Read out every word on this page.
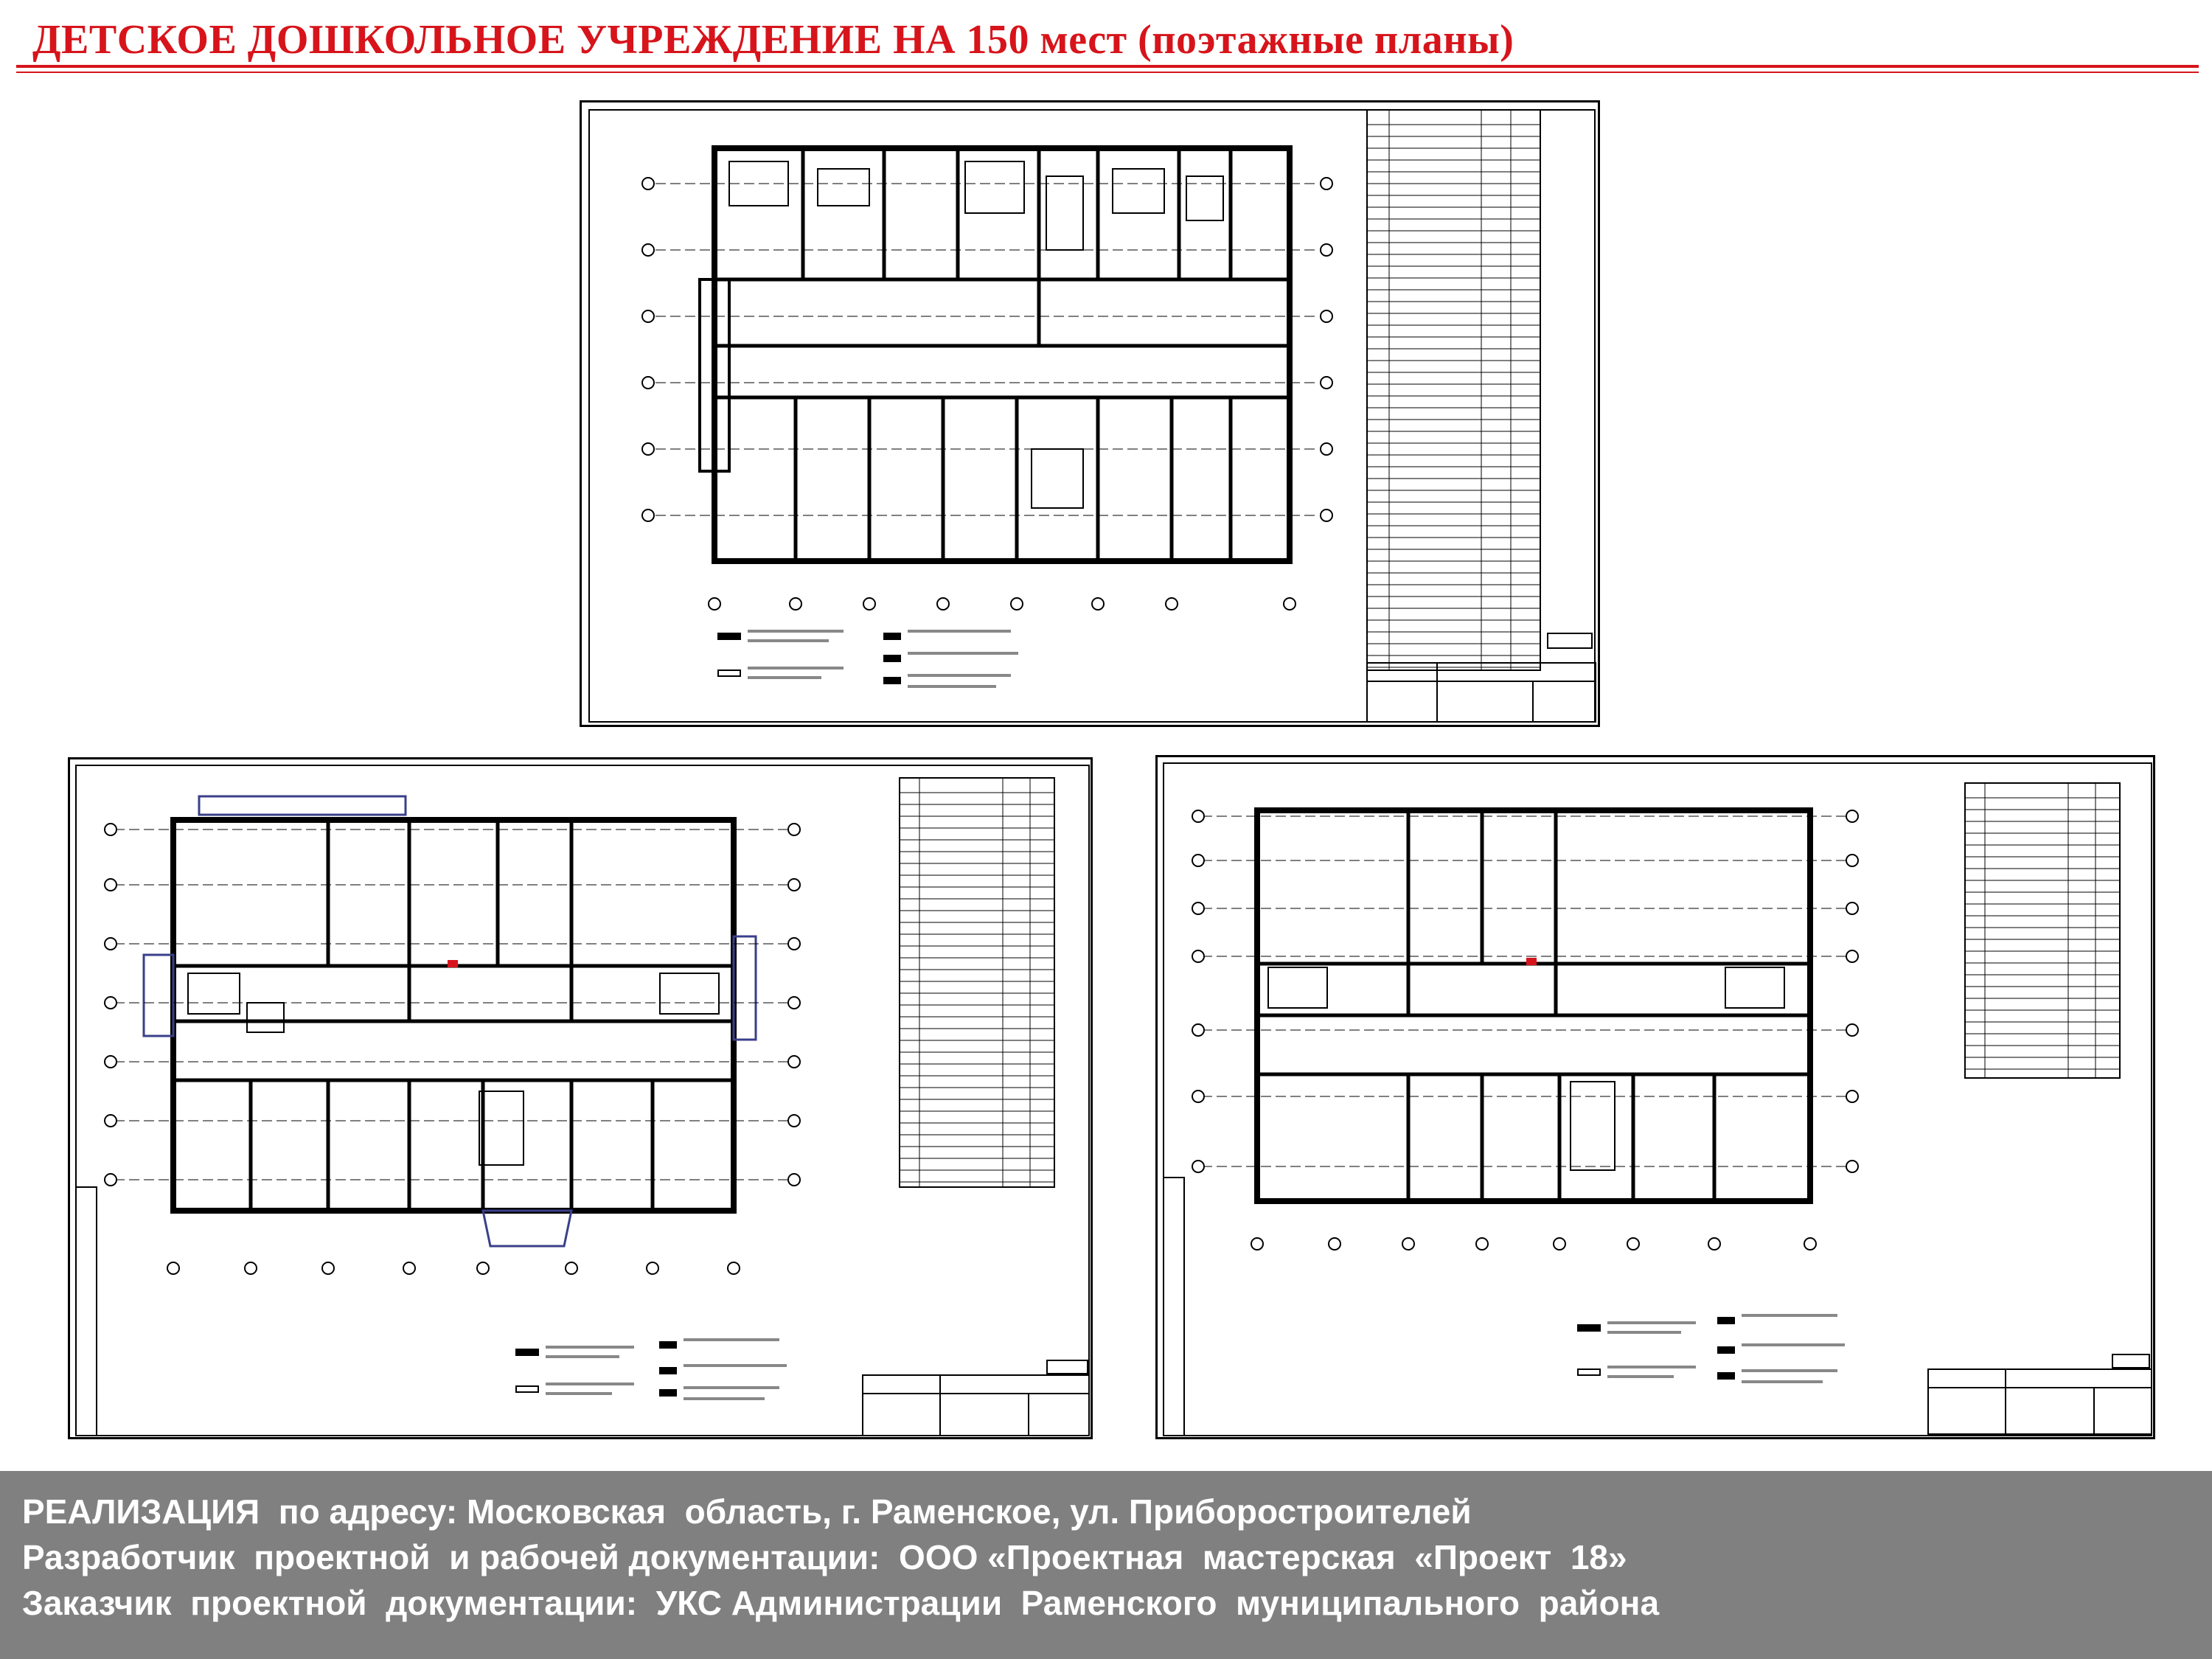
ДЕТСКОЕ ДОШКОЛЬНОЕ УЧРЕЖДЕНИЕ НА 150 мест (поэтажные планы)
РЕАЛИЗАЦИЯ  по адресу: Московская  область, г. Раменское, ул. Приборостроителей
Разработчик  проектной  и рабочей документации:  ООО «Проектная  мастерская  «Проект  18»
Заказчик  проектной  документации:  УКС Администрации  Раменского  муниципального  района
